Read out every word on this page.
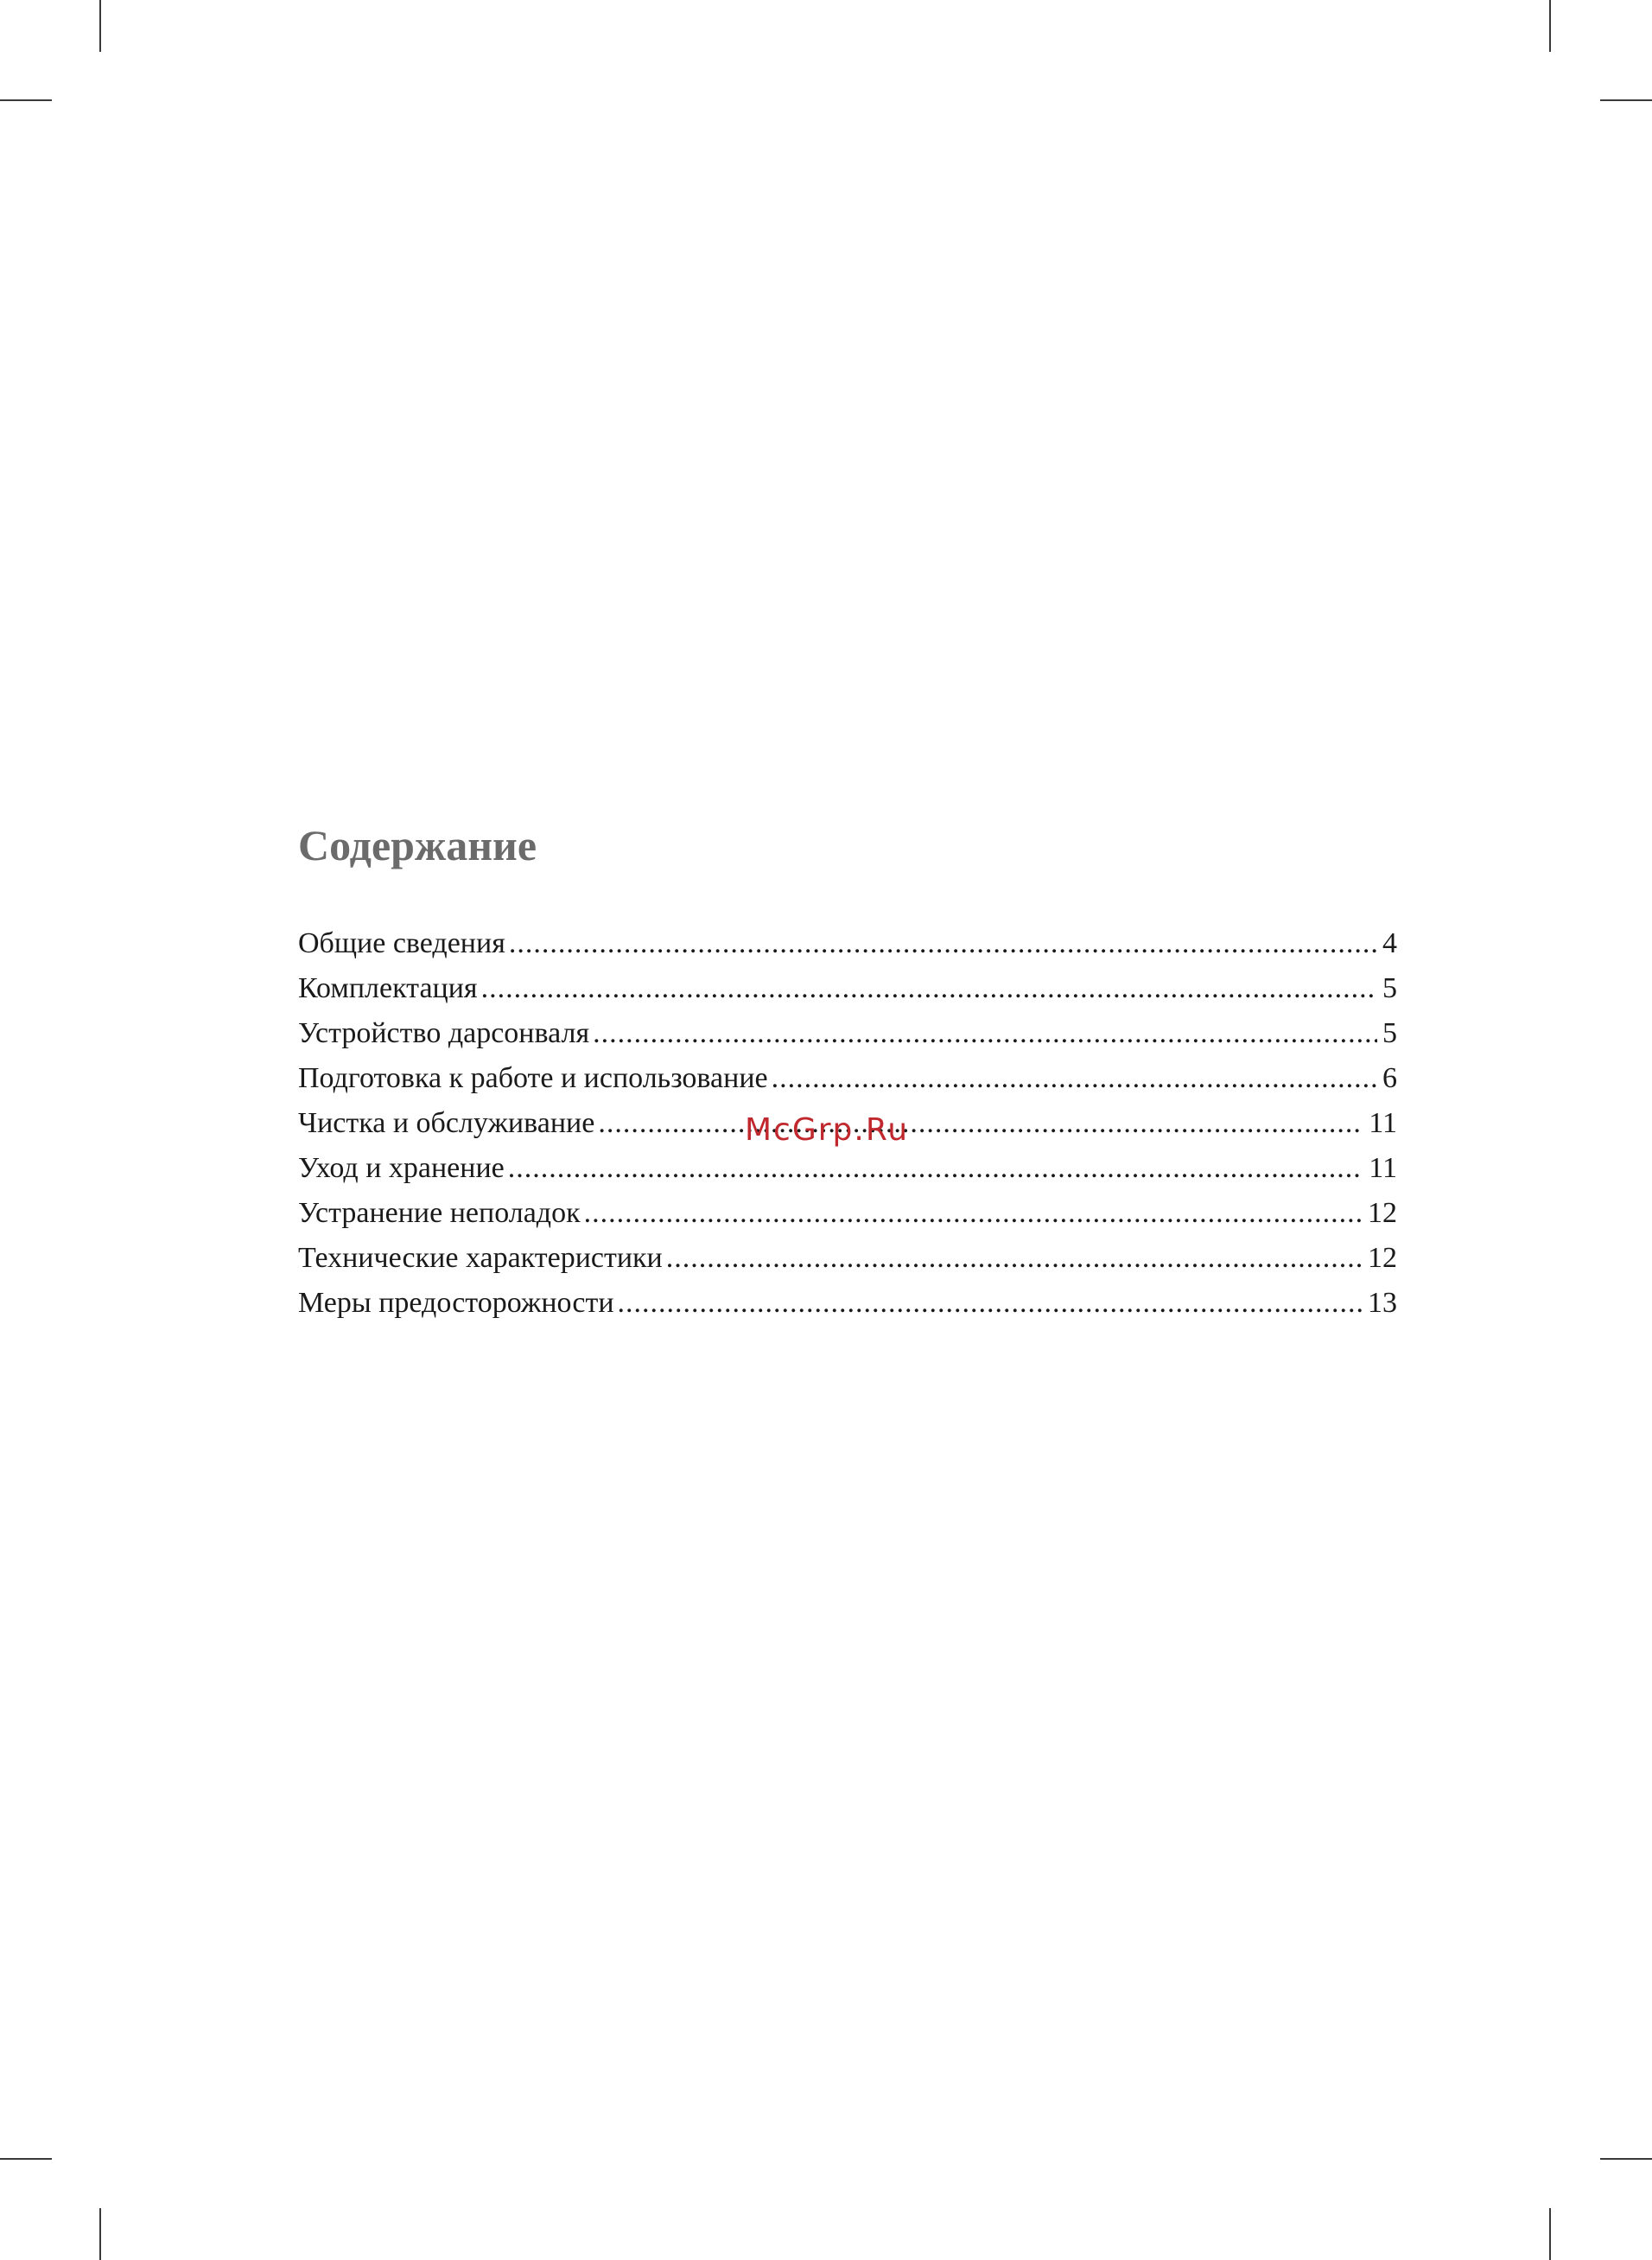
Содержание
Общие сведения .....	4
Комплектация .....	5
Устройство дарсонваля .....	5
Подготовка к работе и использование .....	6
Чистка и обслуживание .....	11
Уход и хранение .....	11
Устранение неполадок .....	12
Технические характеристики .....	12
Меры предосторожности .....	13
McGrp.Ru
